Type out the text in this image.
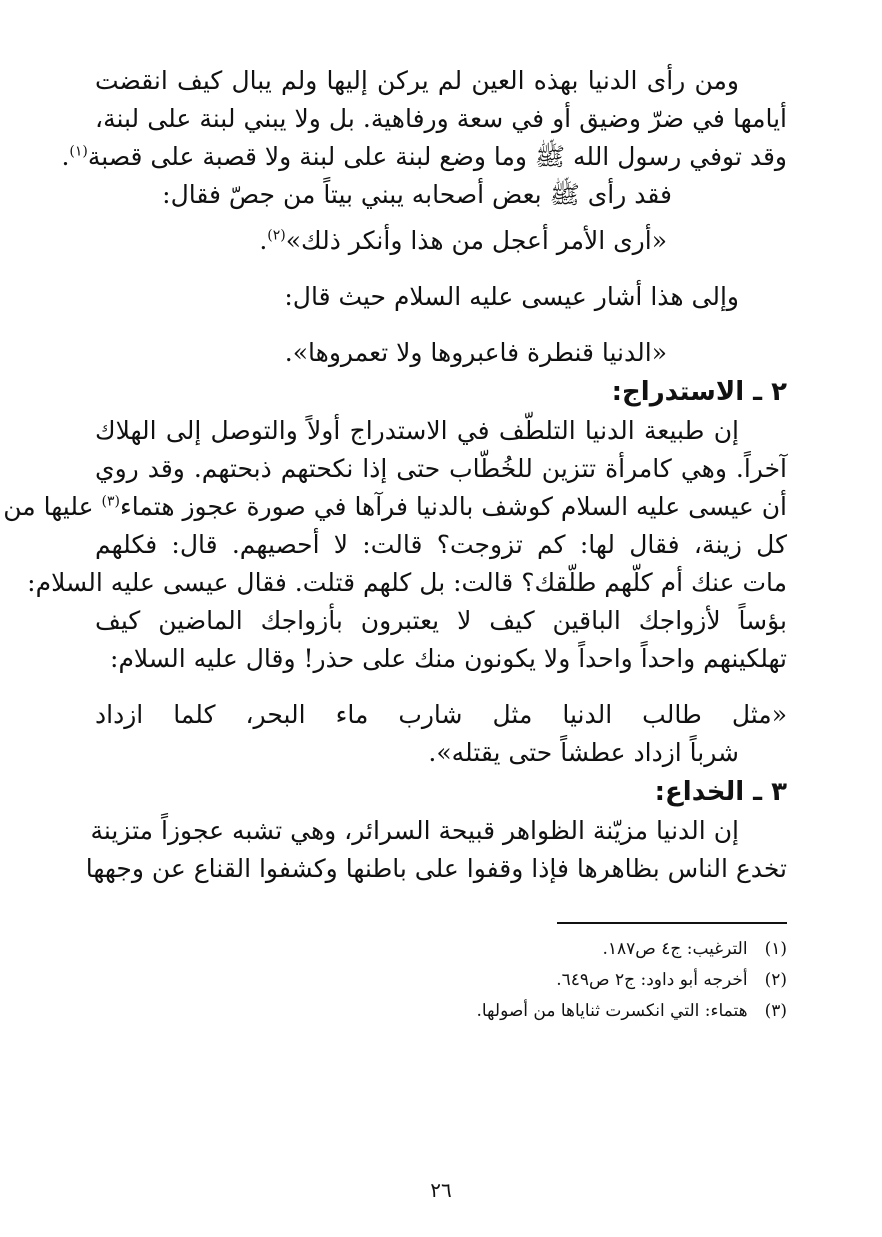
ومن رأى الدنيا بهذه العين لم يركن إليها ولم يبال كيف انقضت

أيامها في ضرّ وضيق أو في سعة ورفاهية. بل ولا يبني لبنة على لبنة،

وقد توفي رسول الله ﷺ وما وضع لبنة على لبنة ولا قصبة على قصبة$^{(١)}$.

فقد رأى ﷺ بعض أصحابه يبني بيتاً من جصّ فقال:

«أرى الأمر أعجل من هذا وأنكر ذلك»$^{(٢)}$.

وإلى هذا أشار عيسى عليه السلام حيث قال:

«الدنيا قنطرة فاعبروها ولا تعمروها».

٢ ـ الاستدراج:

إن طبيعة الدنيا التلطّف في الاستدراج أولاً والتوصل إلى الهلاك

آخراً. وهي كامرأة تتزين للخُطّاب حتى إذا نكحتهم ذبحتهم. وقد روي

أن عيسى عليه السلام كوشف بالدنيا فرآها في صورة عجوز هتماء$^{(٣)}$ عليها من

كل زينة، فقال لها: كم تزوجت؟ قالت: لا أحصيهم. قال: فكلهم

مات عنك أم كلّهم طلّقك؟ قالت: بل كلهم قتلت. فقال عيسى عليه السلام:

بؤساً لأزواجك الباقين كيف لا يعتبرون بأزواجك الماضين كيف

تهلكينهم واحداً واحداً ولا يكونون منك على حذر! وقال عليه السلام:

«مثل طالب الدنيا مثل شارب ماء البحر، كلما ازداد

شرباً ازداد عطشاً حتى يقتله».

٣ ـ الخداع:

إن الدنيا مزيّنة الظواهر قبيحة السرائر، وهي تشبه عجوزاً متزينة

تخدع الناس بظاهرها فإذا وقفوا على باطنها وكشفوا القناع عن وجهها

(١) الترغيب: ج٤ ص١٨٧.

(٢) أخرجه أبو داود: ج٢ ص٦٤٩.

(٣) هتماء: التي انكسرت ثناياها من أصولها.

٢٦
